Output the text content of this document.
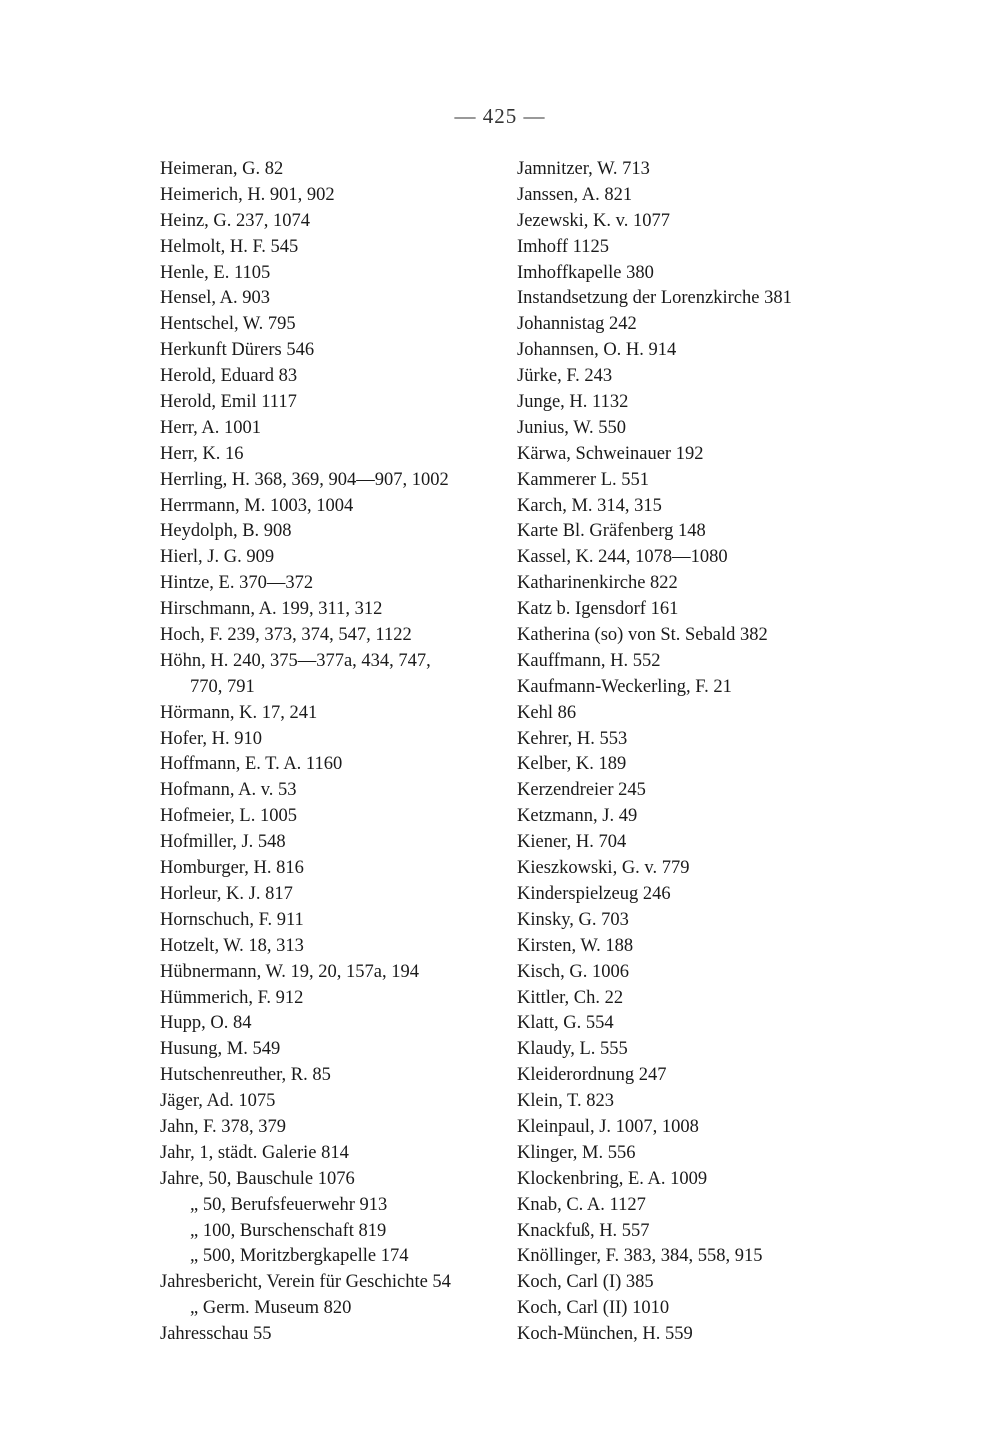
— 425 —
Heimeran, G. 82
Heimerich, H. 901, 902
Heinz, G. 237, 1074
Helmolt, H. F. 545
Henle, E. 1105
Hensel, A. 903
Hentschel, W. 795
Herkunft Dürers 546
Herold, Eduard 83
Herold, Emil 1117
Herr, A. 1001
Herr, K. 16
Herrling, H. 368, 369, 904—907, 1002
Herrmann, M. 1003, 1004
Heydolph, B. 908
Hierl, J. G. 909
Hintze, E. 370—372
Hirschmann, A. 199, 311, 312
Hoch, F. 239, 373, 374, 547, 1122
Höhn, H. 240, 375—377a, 434, 747,
770, 791
Hörmann, K. 17, 241
Hofer, H. 910
Hoffmann, E. T. A. 1160
Hofmann, A. v. 53
Hofmeier, L. 1005
Hofmiller, J. 548
Homburger, H. 816
Horleur, K. J. 817
Hornschuch, F. 911
Hotzelt, W. 18, 313
Hübnermann, W. 19, 20, 157a, 194
Hümmerich, F. 912
Hupp, O. 84
Husung, M. 549
Hutschenreuther, R. 85
Jäger, Ad. 1075
Jahn, F. 378, 379
Jahr, 1, städt. Galerie 814
Jahre, 50, Bauschule 1076
„ 50, Berufsfeuerwehr 913
„ 100, Burschenschaft 819
„ 500, Moritzbergkapelle 174
Jahresbericht, Verein für Geschichte 54
„ Germ. Museum 820
Jahresschau 55
Jamnitzer, W. 713
Janssen, A. 821
Jezewski, K. v. 1077
Imhoff 1125
Imhoffkapelle 380
Instandsetzung der Lorenzkirche 381
Johannistag 242
Johannsen, O. H. 914
Jürke, F. 243
Junge, H. 1132
Junius, W. 550
Kärwa, Schweinauer 192
Kammerer L. 551
Karch, M. 314, 315
Karte Bl. Gräfenberg 148
Kassel, K. 244, 1078—1080
Katharinenkirche 822
Katz b. Igensdorf 161
Katherina (so) von St. Sebald 382
Kauffmann, H. 552
Kaufmann-Weckerling, F. 21
Kehl 86
Kehrer, H. 553
Kelber, K. 189
Kerzendreier 245
Ketzmann, J. 49
Kiener, H. 704
Kieszkowski, G. v. 779
Kinderspielzeug 246
Kinsky, G. 703
Kirsten, W. 188
Kisch, G. 1006
Kittler, Ch. 22
Klatt, G. 554
Klaudy, L. 555
Kleiderordnung 247
Klein, T. 823
Kleinpaul, J. 1007, 1008
Klinger, M. 556
Klockenbring, E. A. 1009
Knab, C. A. 1127
Knackfuß, H. 557
Knöllinger, F. 383, 384, 558, 915
Koch, Carl (I) 385
Koch, Carl (II) 1010
Koch-München, H. 559
